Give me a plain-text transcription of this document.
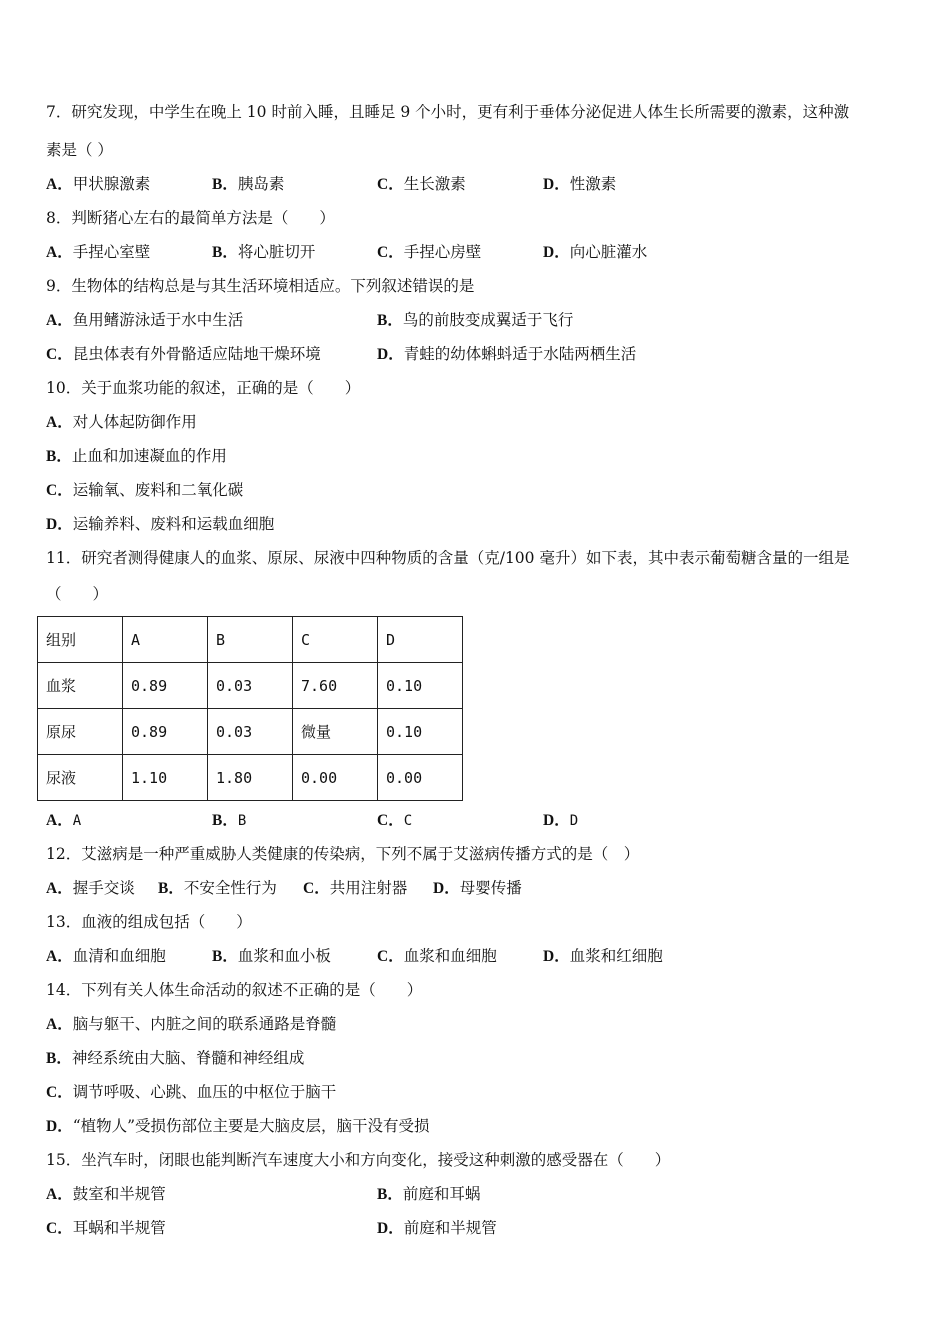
7．研究发现，中学生在晚上 10 时前入睡，且睡足 9 个小时，更有利于垂体分泌促进人体生长所需要的激素，这种激
素是（ ）
A．甲状腺激素	B．胰岛素	C．生长激素	D．性激素
8．判断猪心左右的最简单方法是（　　）
A．手捏心室壁	B．将心脏切开	C．手捏心房壁	D．向心脏灌水
9．生物体的结构总是与其生活环境相适应。下列叙述错误的是
A．鱼用鳍游泳适于水中生活	B．鸟的前肢变成翼适于飞行
C．昆虫体表有外骨骼适应陆地干燥环境	D．青蛙的幼体蝌蚪适于水陆两栖生活
10．关于血浆功能的叙述，正确的是（　　）
A．对人体起防御作用
B．止血和加速凝血的作用
C．运输氧、废料和二氧化碳
D．运输养料、废料和运载血细胞
11．研究者测得健康人的血浆、原尿、尿液中四种物质的含量（克/100 毫升）如下表，其中表示葡萄糖含量的一组是
（　　）
组别	A	B	C	D
血浆	0.89	0.03	7.60	0.10
原尿	0.89	0.03	微量	0.10
尿液	1.10	1.80	0.00	0.00
A．A	B．B	C．C	D．D
12．艾滋病是一种严重威胁人类健康的传染病，下列不属于艾滋病传播方式的是（　）
A．握手交谈 B．不安全性行为 C．共用注射器 D．母婴传播
13．血液的组成包括（　　）
A．血清和血细胞	B．血浆和血小板	C．血浆和血细胞	D．血浆和红细胞
14．下列有关人体生命活动的叙述不正确的是（　　）
A．脑与躯干、内脏之间的联系通路是脊髓
B．神经系统由大脑、脊髓和神经组成
C．调节呼吸、心跳、血压的中枢位于脑干
D．“植物人”受损伤部位主要是大脑皮层，脑干没有受损
15．坐汽车时，闭眼也能判断汽车速度大小和方向变化，接受这种刺激的感受器在（　　）
A．鼓室和半规管	B．前庭和耳蜗
C．耳蜗和半规管	D．前庭和半规管
